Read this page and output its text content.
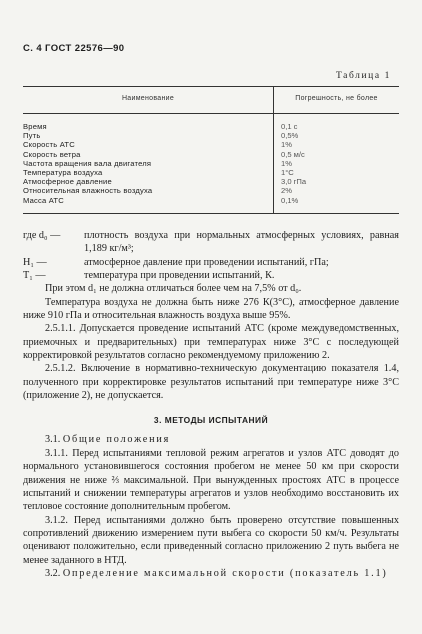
С. 4 ГОСТ 22576—90
Таблица 1
Наименование	Погрешность, не более
Время	0,1 с
Путь	0,5%
Скорость АТС	1%
Скорость ветра	0,5 м/с
Частота вращения вала двигателя	1%
Температура воздуха	1°С
Атмосферное давление	3,0 гПа
Относительная влажность воздуха	2%
Масса АТС	0,1%

где d₀ —	плотность воздуха при нормальных атмосферных условиях, равная 1,189 кг/м³;

H₁ —	атмосферное давление при проведении испытаний, гПа;

T₁ —	температура при проведении испытаний, К.

При этом d₁ не должна отличаться более чем на 7,5% от d₀.

Температура воздуха не должна быть ниже 276 К(3°С), атмосферное давление ниже 910 гПа и относительная влажность воздуха выше 95%.

2.5.1.1. Допускается проведение испытаний АТС (кроме междуведомственных, приемочных и предварительных) при температурах ниже 3°С с последующей корректировкой результатов согласно рекомендуемому приложению 2.

2.5.1.2. Включение в нормативно-техническую документацию показателя 1.4, полученного при корректировке результатов испытаний при температуре ниже 3°С (приложение 2), не допускается.

3. МЕТОДЫ ИСПЫТАНИЙ

3.1. Общие положения

3.1.1. Перед испытаниями тепловой режим агрегатов и узлов АТС доводят до нормального установившегося состояния пробегом не менее 50 км при скорости движения не ниже ⅔ максимальной. При вынужденных простоях АТС в процессе испытаний и снижении температуры агрегатов и узлов необходимо восстановить их тепловое состояние дополнительным пробегом.

3.1.2. Перед испытаниями должно быть проверено отсутствие повышенных сопротивлений движению измерением пути выбега со скорости 50 км/ч. Результаты оценивают положительно, если приведенный согласно приложению 2 путь выбега не менее заданного в НТД.

3.2. Определение максимальной скорости (показатель 1.1)
